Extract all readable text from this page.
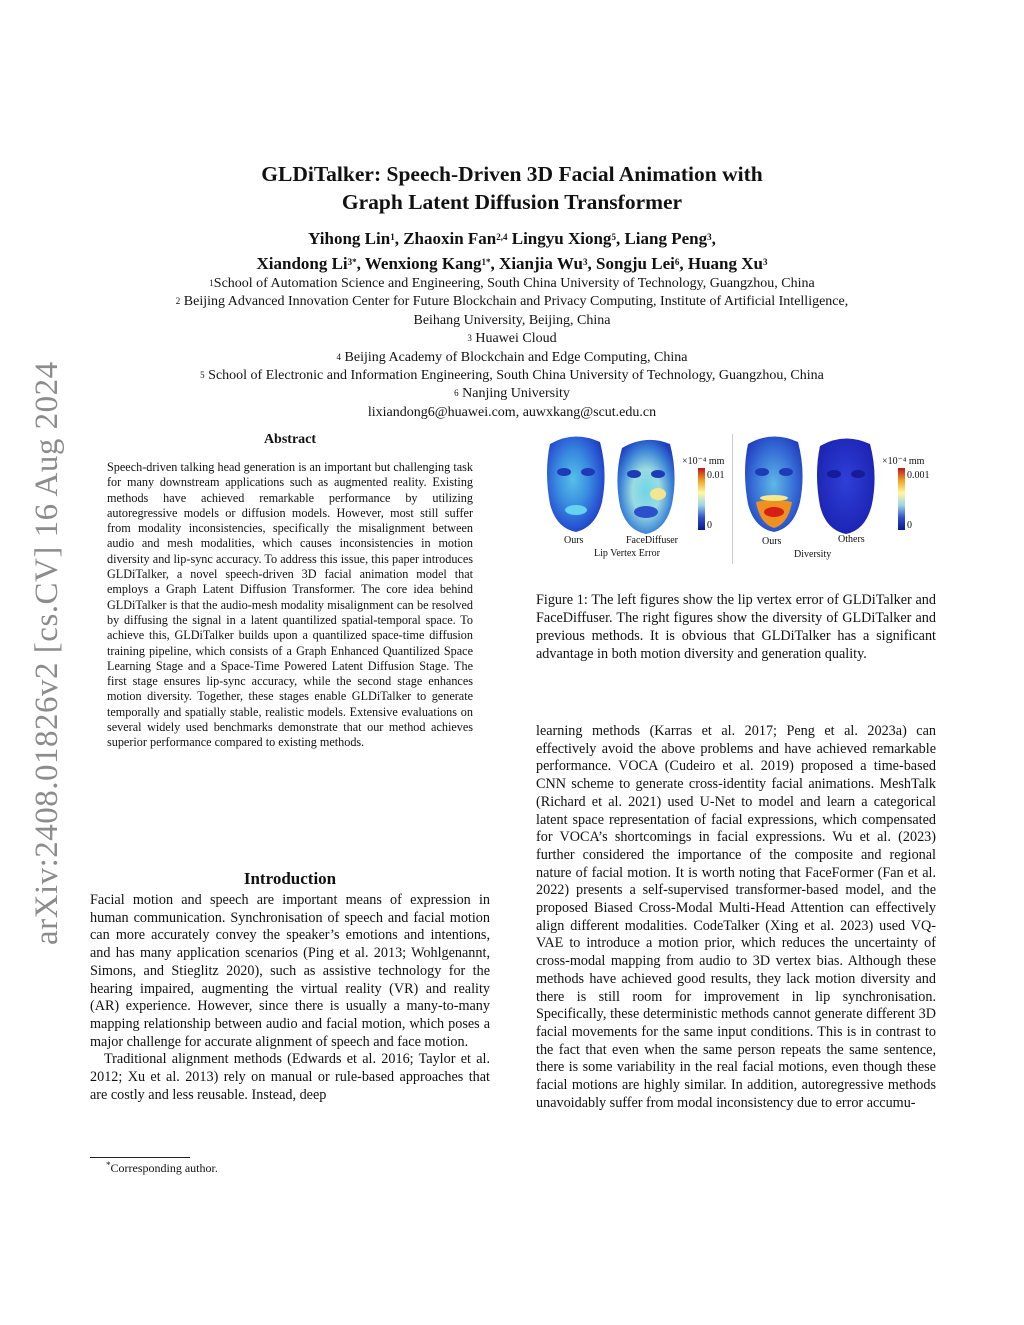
arXiv:2408.01826v2 [cs.CV] 16 Aug 2024
GLDiTalker: Speech-Driven 3D Facial Animation with
Graph Latent Diffusion Transformer
Yihong Lin$^1$, Zhaoxin Fan$^{2,4}$ Lingyu Xiong$^5$, Liang Peng$^3$,
Xiandong $Li^{3*}$, Wenxiong Kang$^{1*}$, Xianjia Wu$^3$, Songju Lei$^6$, Huang Xu$^3$
$^1$School of Automation Science and Engineering, South China University of Technology, Guangzhou, China
$^2$ Beijing Advanced Innovation Center for Future Blockchain and Privacy Computing, Institute of Artificial Intelligence,
Beihang University, Beijing, China
$^3$ Huawei Cloud
$^4$ Beijing Academy of Blockchain and Edge Computing, China
$^5$ School of Electronic and Information Engineering, South China University of Technology, Guangzhou, China
$^6$ Nanjing University
lixiandong6@huawei.com, auwxkang@scut.edu.cn
Abstract
Speech-driven talking head generation is an important but challenging task for many downstream applications such as augmented reality. Existing methods have achieved remarkable performance by utilizing autoregressive models or diffusion models. However, most still suffer from modality inconsistencies, specifically the misalignment between audio and mesh modalities, which causes inconsistencies in motion diversity and lip-sync accuracy. To address this issue, this paper introduces GLDiTalker, a novel speech-driven 3D facial animation model that employs a Graph Latent Diffusion Transformer. The core idea behind GLDiTalker is that the audio-mesh modality misalignment can be resolved by diffusing the signal in a latent quantilized spatial-temporal space. To achieve this, GLDiTalker builds upon a quantilized space-time diffusion training pipeline, which consists of a Graph Enhanced Quantilized Space Learning Stage and a Space-Time Powered Latent Diffusion Stage. The first stage ensures lip-sync accuracy, while the second stage enhances motion diversity. Together, these stages enable GLDiTalker to generate temporally and spatially stable, realistic models. Extensive evaluations on several widely used benchmarks demonstrate that our method achieves superior performance compared to existing methods.
Introduction

Facial motion and speech are important means of expression in human communication. Synchronisation of speech and facial motion can more accurately convey the speaker’s emotions and intentions, and has many application scenarios (Ping et al. 2013; Wohlgenannt, Simons, and Stieglitz 2020), such as assistive technology for the hearing impaired, augmenting the virtual reality (VR) and reality (AR) experience. However, since there is usually a many-to-many mapping relationship between audio and facial motion, which poses a major challenge for accurate alignment of speech and face motion.

Traditional alignment methods (Edwards et al. 2016; Taylor et al. 2012; Xu et al. 2013) rely on manual or rule-based approaches that are costly and less reusable. Instead, deep

*Corresponding author.
×10⁻⁴ mm
0.01
0
×10⁻⁴ mm
0.001
0
Ours	FaceDiffuser
Lip Vertex Error
Ours	Others
Diversity
Figure 1: The left figures show the lip vertex error of GLDiTalker and FaceDiffuser. The right figures show the diversity of GLDiTalker and previous methods. It is obvious that GLDiTalker has a significant advantage in both motion diversity and generation quality.
learning methods (Karras et al. 2017; Peng et al. 2023a) can effectively avoid the above problems and have achieved remarkable performance. VOCA (Cudeiro et al. 2019) proposed a time-based CNN scheme to generate cross-identity facial animations. MeshTalk (Richard et al. 2021) used U-Net to model and learn a categorical latent space representation of facial expressions, which compensated for VOCA’s shortcomings in facial expressions. Wu et al. (2023) further considered the importance of the composite and regional nature of facial motion. It is worth noting that FaceFormer (Fan et al. 2022) presents a self-supervised transformer-based model, and the proposed Biased Cross-Modal Multi-Head Attention can effectively align different modalities. CodeTalker (Xing et al. 2023) used VQ-VAE to introduce a motion prior, which reduces the uncertainty of cross-modal mapping from audio to 3D vertex bias. Although these methods have achieved good results, they lack motion diversity and there is still room for improvement in lip synchronisation. Specifically, these deterministic methods cannot generate different 3D facial movements for the same input conditions. This is in contrast to the fact that even when the same person repeats the same sentence, there is some variability in the real facial motions, even though these facial motions are highly similar. In addition, autoregressive methods unavoidably suffer from modal inconsistency due to error accumu-
